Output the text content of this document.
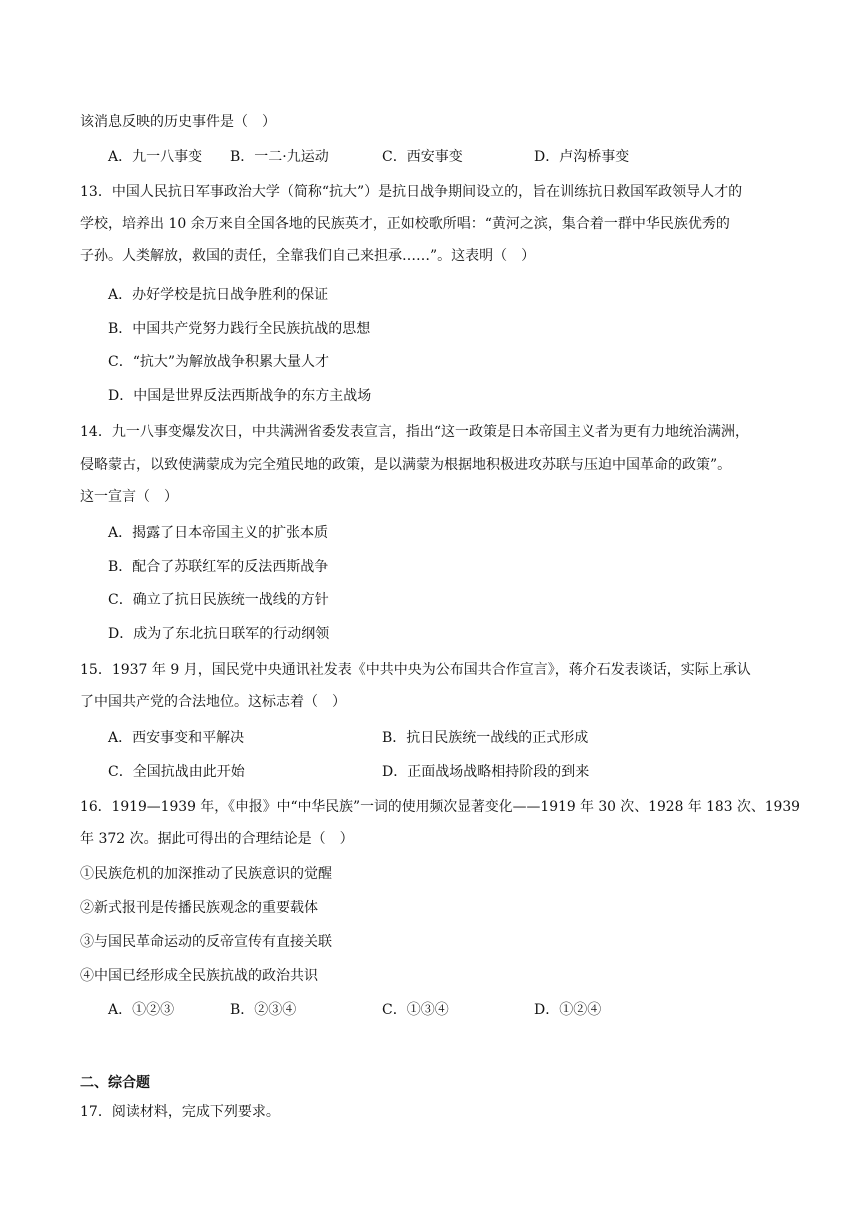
该消息反映的历史事件是（　）
A．九一八事变 B．一二·九运动	C．西安事变	D．卢沟桥事变
13．中国人民抗日军事政治大学（简称“抗大”）是抗日战争期间设立的，旨在训练抗日救国军政领导人才的
学校，培养出 10 余万来自全国各地的民族英才，正如校歌所唱：“黄河之滨，集合着一群中华民族优秀的
子孙。人类解放，救国的责任，全靠我们自己来担承……”。这表明（　）
A．办好学校是抗日战争胜利的保证
B．中国共产党努力践行全民族抗战的思想
C．“抗大”为解放战争积累大量人才
D．中国是世界反法西斯战争的东方主战场
14．九一八事变爆发次日，中共满洲省委发表宣言，指出“这一政策是日本帝国主义者为更有力地统治满洲，
侵略蒙古，以致使满蒙成为完全殖民地的政策，是以满蒙为根据地积极进攻苏联与压迫中国革命的政策”。
这一宣言（　）
A．揭露了日本帝国主义的扩张本质
B．配合了苏联红军的反法西斯战争
C．确立了抗日民族统一战线的方针
D．成为了东北抗日联军的行动纲领
15．1937 年 9 月，国民党中央通讯社发表《中共中央为公布国共合作宣言》，蒋介石发表谈话，实际上承认
了中国共产党的合法地位。这标志着（　）
A．西安事变和平解决	B．抗日民族统一战线的正式形成
C．全国抗战由此开始	D．正面战场战略相持阶段的到来
16．1919—1939 年，《申报》中“中华民族”一词的使用频次显著变化——1919 年 30 次、1928 年 183 次、1939
年 372 次。据此可得出的合理结论是（　）
①民族危机的加深推动了民族意识的觉醒
②新式报刊是传播民族观念的重要载体
③与国民革命运动的反帝宣传有直接关联
④中国已经形成全民族抗战的政治共识
A．①②③	B．②③④	C．①③④	D．①②④
二、综合题
17．阅读材料，完成下列要求。
